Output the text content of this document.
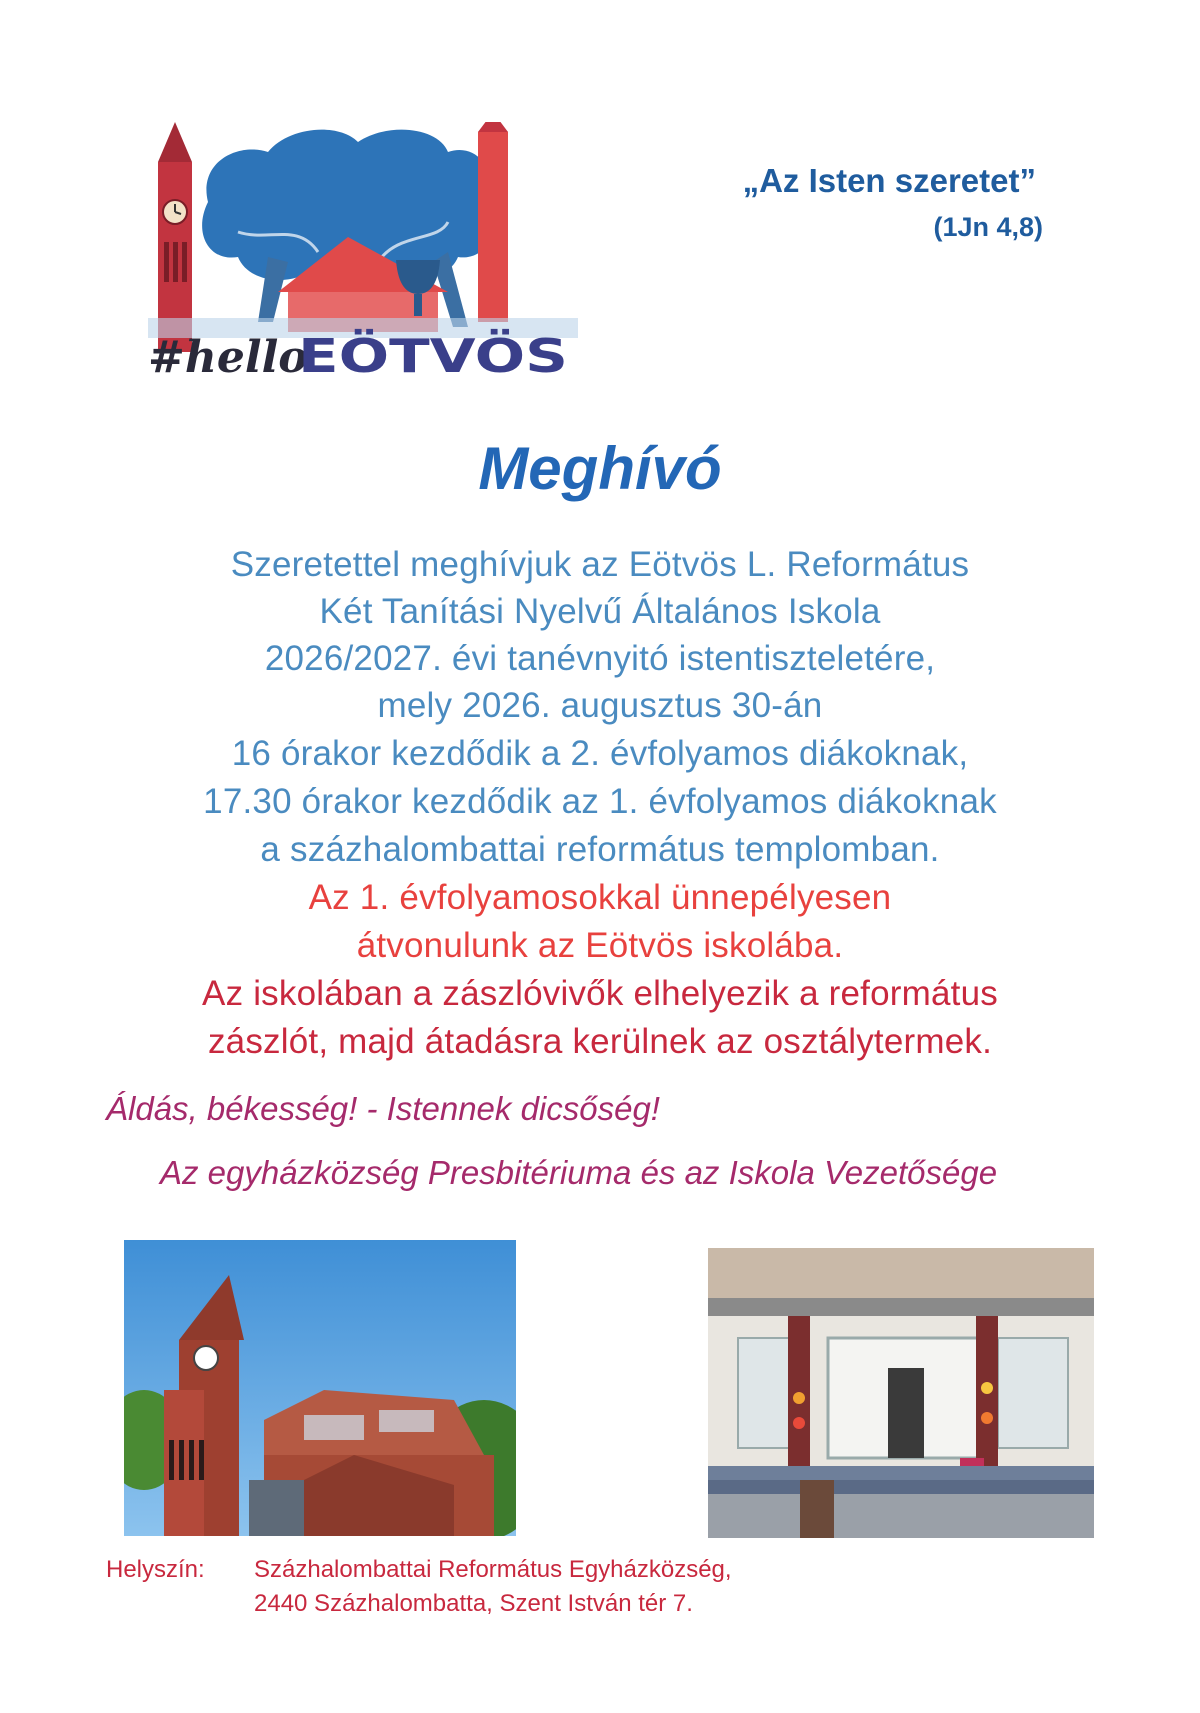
#hello
EÖTVÖS
„Az Isten szeretet”
(1Jn 4,8)
Meghívó
Szeretettel meghívjuk az Eötvös L. Református
Két Tanítási Nyelvű Általános Iskola
2026/2027. évi tanévnyitó istentiszteletére,
mely 2026. augusztus 30-án
16 órakor kezdődik a 2. évfolyamos diákoknak,
17.30 órakor kezdődik az 1. évfolyamos diákoknak
a százhalombattai református templomban.
Az 1. évfolyamosokkal ünnepélyesen
átvonulunk az Eötvös iskolába.
Az iskolában a zászlóvivők elhelyezik a református
zászlót, majd átadásra kerülnek az osztálytermek.
Áldás, békesség! - Istennek dicsőség!
Az egyházközség Presbitériuma és az Iskola Vezetősége
Helyszín: Százhalombattai Református Egyházközség,
2440 Százhalombatta, Szent István tér 7.
